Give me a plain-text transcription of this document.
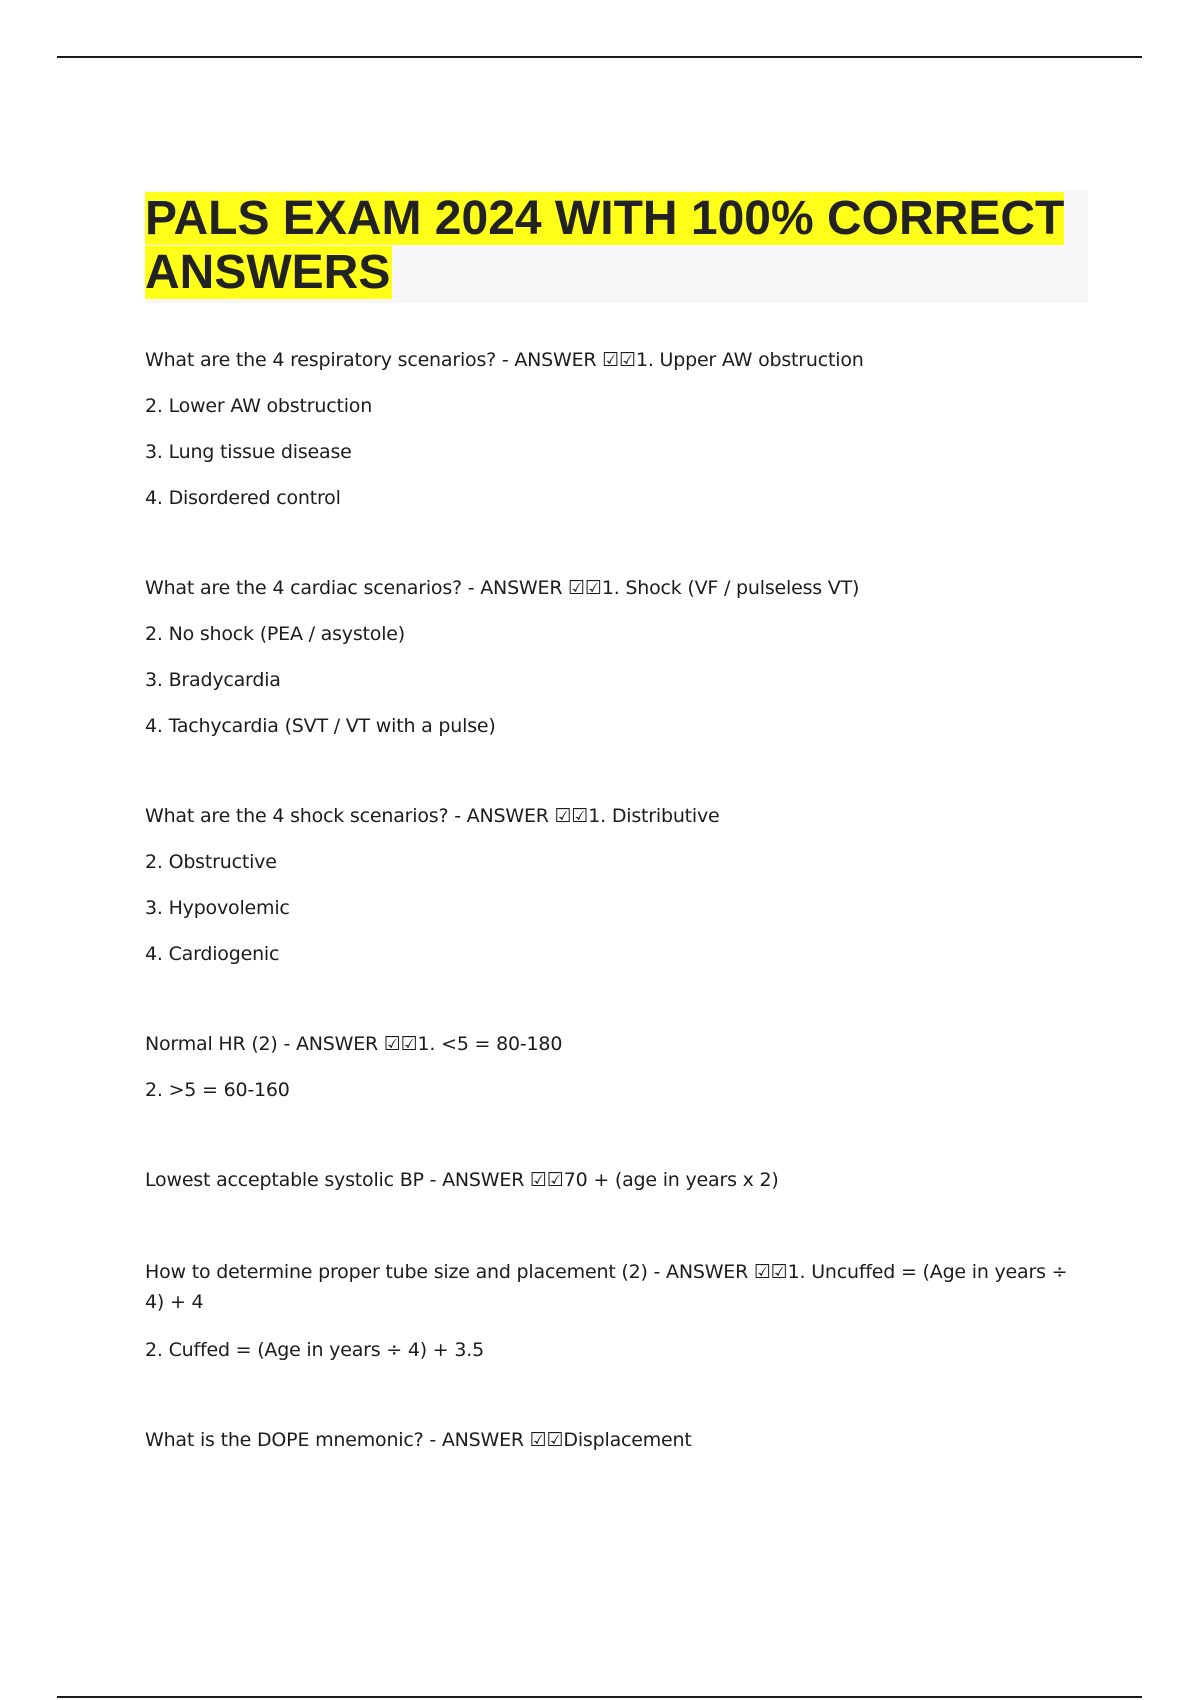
PALS EXAM 2024 WITH 100% CORRECT ANSWERS

What are the 4 respiratory scenarios? - ANSWER ☑☑1. Upper AW obstruction

2. Lower AW obstruction

3. Lung tissue disease

4. Disordered control

What are the 4 cardiac scenarios? - ANSWER ☑☑1. Shock (VF / pulseless VT)

2. No shock (PEA / asystole)

3. Bradycardia

4. Tachycardia (SVT / VT with a pulse)

What are the 4 shock scenarios? - ANSWER ☑☑1. Distributive

2. Obstructive

3. Hypovolemic

4. Cardiogenic

Normal HR (2) - ANSWER ☑☑1. <5 = 80-180

2. >5 = 60-160

Lowest acceptable systolic BP - ANSWER ☑☑70 + (age in years x 2)

How to determine proper tube size and placement (2) - ANSWER ☑☑1. Uncuffed = (Age in years ÷ 4) + 4

2. Cuffed = (Age in years ÷ 4) + 3.5

What is the DOPE mnemonic? - ANSWER ☑☑Displacement
